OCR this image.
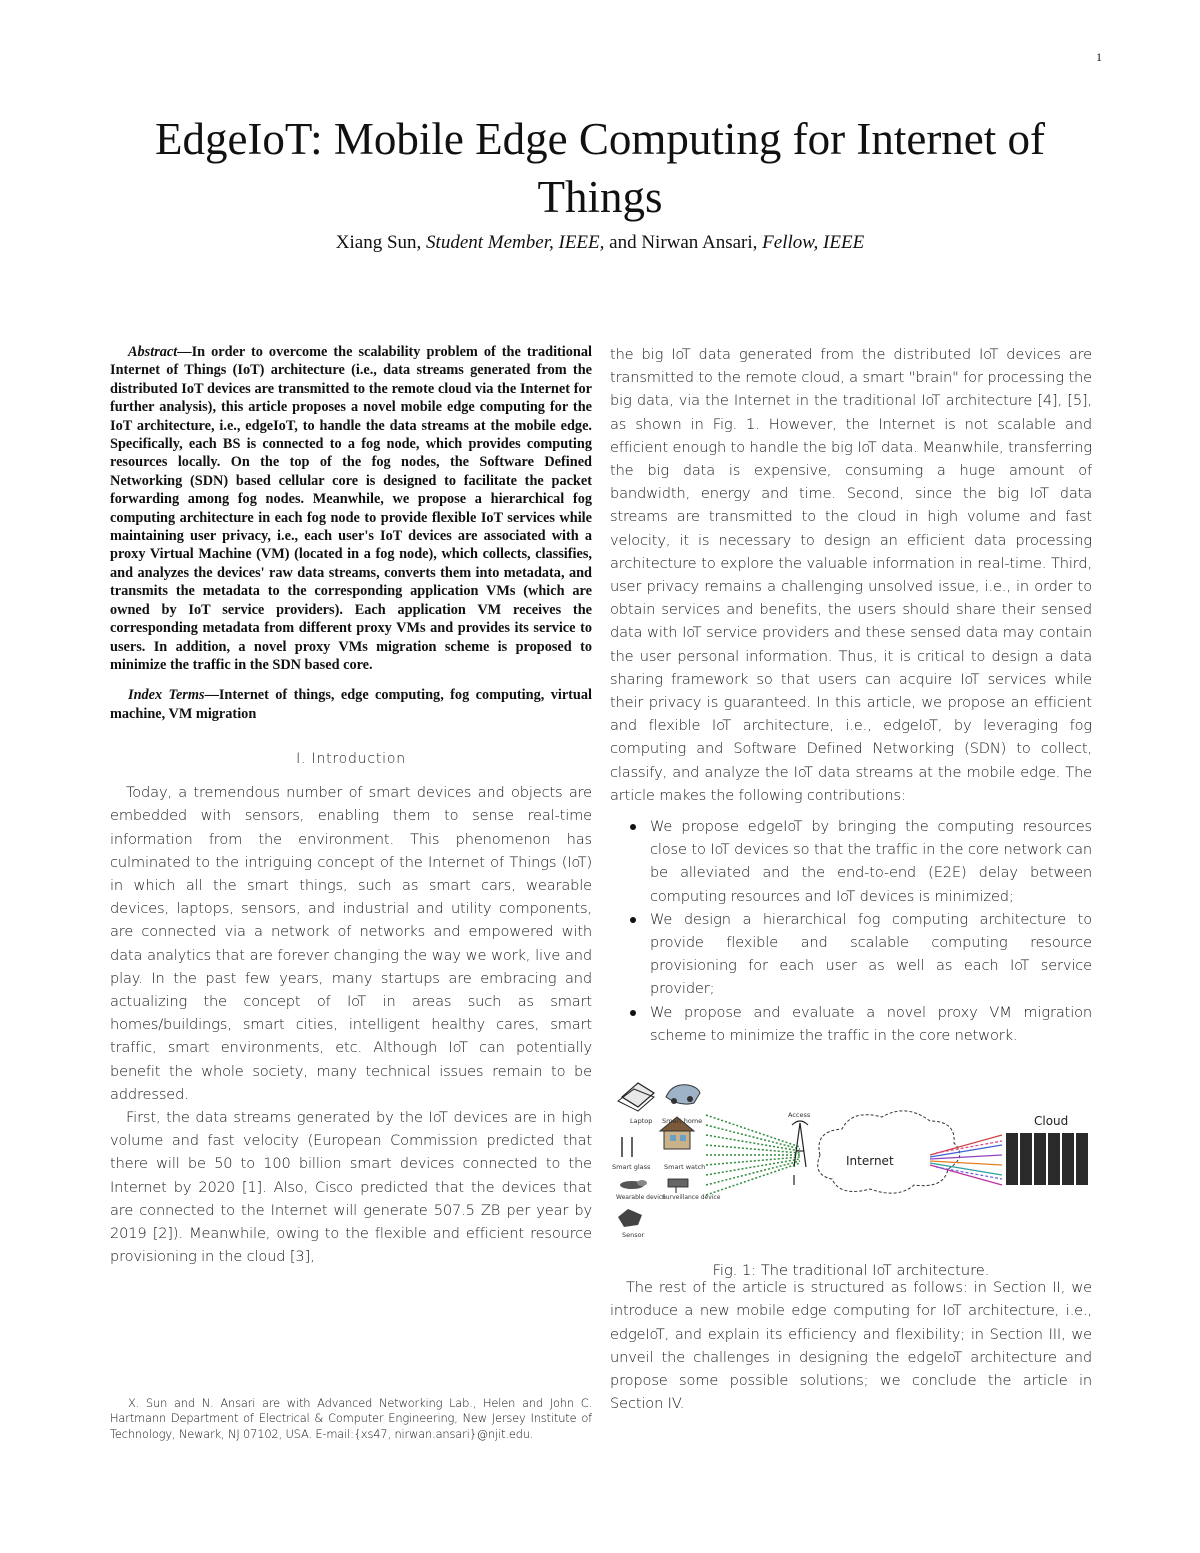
1
EdgeIoT: Mobile Edge Computing for Internet of Things
Xiang Sun, Student Member, IEEE, and Nirwan Ansari, Fellow, IEEE

Abstract—In order to overcome the scalability problem of the traditional Internet of Things (IoT) architecture (i.e., data streams generated from the distributed IoT devices are transmitted to the remote cloud via the Internet for further analysis), this article proposes a novel mobile edge computing for the IoT architecture, i.e., edgeIoT, to handle the data streams at the mobile edge. Specifically, each BS is connected to a fog node, which provides computing resources locally. On the top of the fog nodes, the Software Defined Networking (SDN) based cellular core is designed to facilitate the packet forwarding among fog nodes. Meanwhile, we propose a hierarchical fog computing architecture in each fog node to provide flexible IoT services while maintaining user privacy, i.e., each user's IoT devices are associated with a proxy Virtual Machine (VM) (located in a fog node), which collects, classifies, and analyzes the devices' raw data streams, converts them into metadata, and transmits the metadata to the corresponding application VMs (which are owned by IoT service providers). Each application VM receives the corresponding metadata from different proxy VMs and provides its service to users. In addition, a novel proxy VMs migration scheme is proposed to minimize the traffic in the SDN based core.

Index Terms—Internet of things, edge computing, fog computing, virtual machine, VM migration

I. Introduction

Today, a tremendous number of smart devices and objects are embedded with sensors, enabling them to sense real-time information from the environment. This phenomenon has culminated to the intriguing concept of the Internet of Things (IoT) in which all the smart things, such as smart cars, wearable devices, laptops, sensors, and industrial and utility components, are connected via a network of networks and empowered with data analytics that are forever changing the way we work, live and play. In the past few years, many startups are embracing and actualizing the concept of IoT in areas such as smart homes/buildings, smart cities, intelligent healthy cares, smart traffic, smart environments, etc. Although IoT can potentially benefit the whole society, many technical issues remain to be addressed.

First, the data streams generated by the IoT devices are in high volume and fast velocity (European Commission predicted that there will be 50 to 100 billion smart devices connected to the Internet by 2020 [1]. Also, Cisco predicted that the devices that are connected to the Internet will generate 507.5 ZB per year by 2019 [2]). Meanwhile, owing to the flexible and efficient resource provisioning in the cloud [3],

X. Sun and N. Ansari are with Advanced Networking Lab., Helen and John C. Hartmann Department of Electrical & Computer Engineering, New Jersey Institute of Technology, Newark, NJ 07102, USA. E-mail:{xs47, nirwan.ansari}@njit.edu.

the big IoT data generated from the distributed IoT devices are transmitted to the remote cloud, a smart "brain" for processing the big data, via the Internet in the traditional IoT architecture [4], [5], as shown in Fig. 1. However, the Internet is not scalable and efficient enough to handle the big IoT data. Meanwhile, transferring the big data is expensive, consuming a huge amount of bandwidth, energy and time. Second, since the big IoT data streams are transmitted to the cloud in high volume and fast velocity, it is necessary to design an efficient data processing architecture to explore the valuable information in real-time. Third, user privacy remains a challenging unsolved issue, i.e., in order to obtain services and benefits, the users should share their sensed data with IoT service providers and these sensed data may contain the user personal information. Thus, it is critical to design a data sharing framework so that users can acquire IoT services while their privacy is guaranteed. In this article, we propose an efficient and flexible IoT architecture, i.e., edgeIoT, by leveraging fog computing and Software Defined Networking (SDN) to collect, classify, and analyze the IoT data streams at the mobile edge. The article makes the following contributions:

We propose edgeIoT by bringing the computing resources close to IoT devices so that the traffic in the core network can be alleviated and the end-to-end (E2E) delay between computing resources and IoT devices is minimized;
We design a hierarchical fog computing architecture to provide flexible and scalable computing resource provisioning for each user as well as each IoT service provider;
We propose and evaluate a novel proxy VM migration scheme to minimize the traffic in the core network.
Laptop Smart home
Smart glass Smart watch
Wearable device
Surveillance device
Sensor
Access
Internet
Cloud
Fig. 1: The traditional IoT architecture.

The rest of the article is structured as follows: in Section II, we introduce a new mobile edge computing for IoT architecture, i.e., edgeIoT, and explain its efficiency and flexibility; in Section III, we unveil the challenges in designing the edgeIoT architecture and propose some possible solutions; we conclude the article in Section IV.
